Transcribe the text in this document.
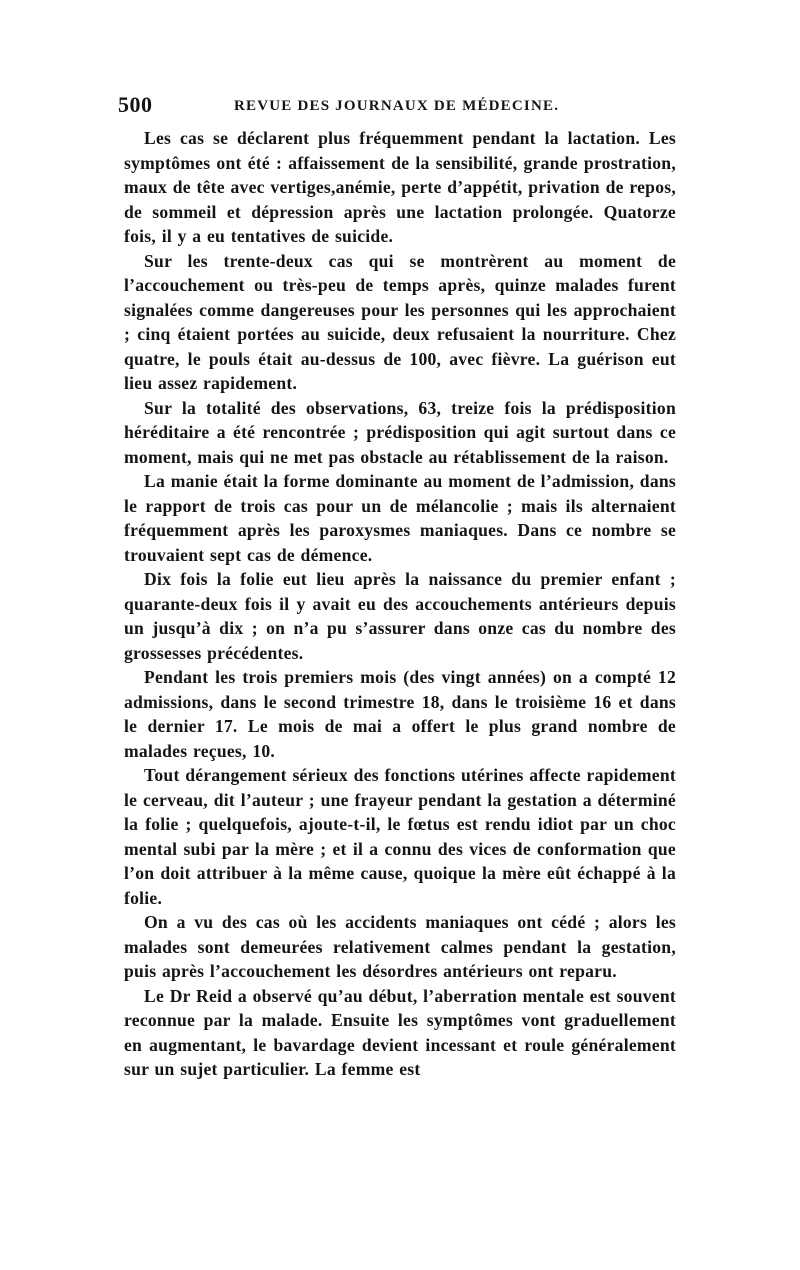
500	REVUE DES JOURNAUX DE MÉDECINE.

Les cas se déclarent plus fréquemment pendant la lactation. Les symptômes ont été : affaissement de la sensibilité, grande prostration, maux de tête avec vertiges,anémie, perte d’appétit, privation de repos, de sommeil et dépression après une lactation prolongée. Quatorze fois, il y a eu tentatives de suicide.

Sur les trente-deux cas qui se montrèrent au moment de l’accouchement ou très-peu de temps après, quinze malades furent signalées comme dangereuses pour les personnes qui les approchaient ; cinq étaient portées au suicide, deux refusaient la nourriture. Chez quatre, le pouls était au-dessus de 100, avec fièvre. La guérison eut lieu assez rapidement.

Sur la totalité des observations, 63, treize fois la prédisposition héréditaire a été rencontrée ; prédisposition qui agit surtout dans ce moment, mais qui ne met pas obstacle au rétablissement de la raison.

La manie était la forme dominante au moment de l’admission, dans le rapport de trois cas pour un de mélancolie ; mais ils alternaient fréquemment après les paroxysmes maniaques. Dans ce nombre se trouvaient sept cas de démence.

Dix fois la folie eut lieu après la naissance du premier enfant ; quarante-deux fois il y avait eu des accouchements antérieurs depuis un jusqu’à dix ; on n’a pu s’assurer dans onze cas du nombre des grossesses précédentes.

Pendant les trois premiers mois (des vingt années) on a compté 12 admissions, dans le second trimestre 18, dans le troisième 16 et dans le dernier 17. Le mois de mai a offert le plus grand nombre de malades reçues, 10.

Tout dérangement sérieux des fonctions utérines affecte rapidement le cerveau, dit l’auteur ; une frayeur pendant la gestation a déterminé la folie ; quelquefois, ajoute-t-il, le fœtus est rendu idiot par un choc mental subi par la mère ; et il a connu des vices de conformation que l’on doit attribuer à la même cause, quoique la mère eût échappé à la folie.

On a vu des cas où les accidents maniaques ont cédé ; alors les malades sont demeurées relativement calmes pendant la gestation, puis après l’accouchement les désordres antérieurs ont reparu.

Le Dr Reid a observé qu’au début, l’aberration mentale est souvent reconnue par la malade. Ensuite les symptômes vont graduellement en augmentant, le bavardage devient incessant et roule généralement sur un sujet particulier. La femme est
